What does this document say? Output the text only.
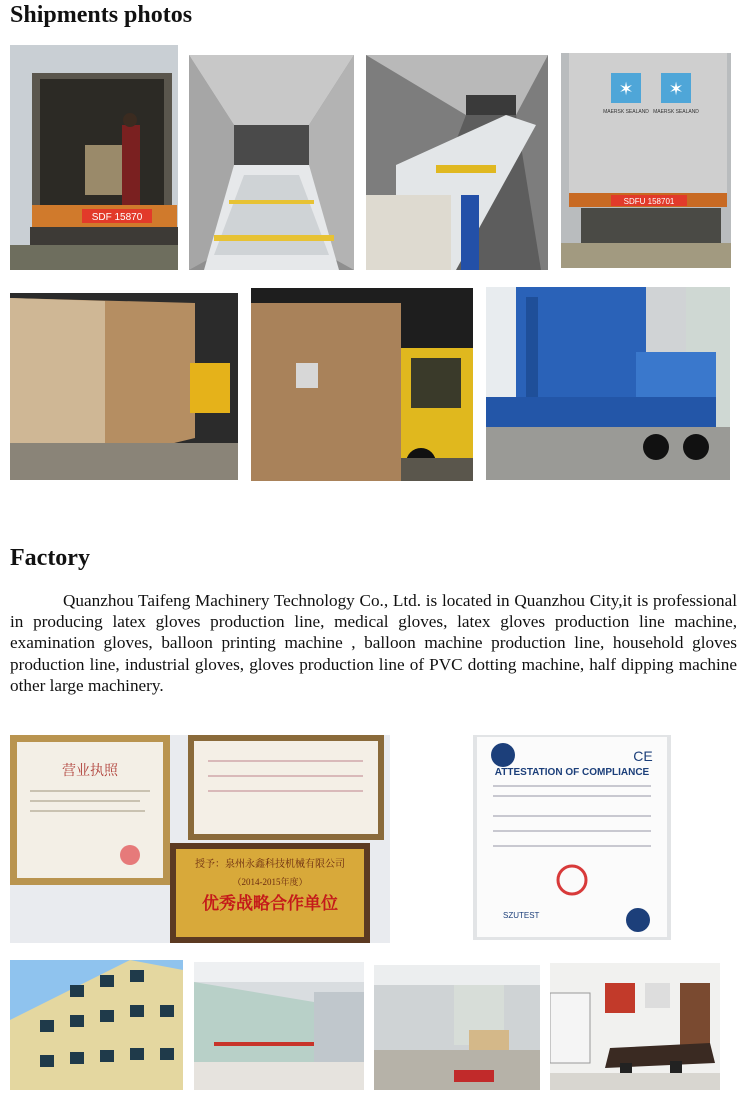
Shipments photos
SDF 15870
✶ ✶
MAERSK SEALAND MAERSK SEALAND
SDFU 158701
Factory

Quanzhou Taifeng Machinery Technology Co., Ltd. is located in Quanzhou City,it is professional in producing latex gloves production line, medical gloves, latex gloves production line machine, examination gloves, balloon printing machine , balloon machine production line, household gloves production line, industrial gloves, gloves production line of PVC dotting machine, half dipping machine other large machinery.

营业执照
授予：泉州永鑫科技机械有限公司
（2014-2015年度）
优秀战略合作单位
CE
ATTESTATION OF COMPLIANCE
SZUTEST
